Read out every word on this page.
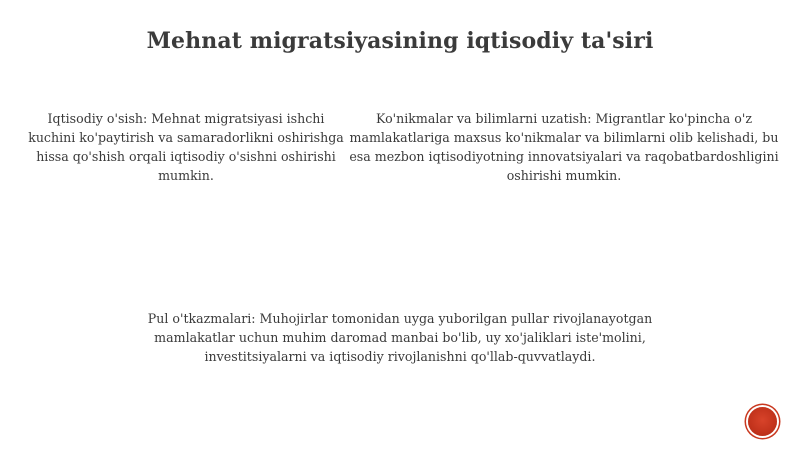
Mehnat migratsiyasining iqtisodiy ta'siri

Iqtisodiy o'sish: Mehnat migratsiyasi ishchi kuchini ko'paytirish va samaradorlikni oshirishga hissa qo'shish orqali iqtisodiy o'sishni oshirishi mumkin.

Ko'nikmalar va bilimlarni uzatish: Migrantlar ko'pincha o'z mamlakatlariga maxsus ko'nikmalar va bilimlarni olib kelishadi, bu esa mezbon iqtisodiyotning innovatsiyalari va raqobatbardoshligini oshirishi mumkin.

Pul o'tkazmalari: Muhojirlar tomonidan uyga yuborilgan pullar rivojlanayotgan mamlakatlar uchun muhim daromad manbai bo'lib, uy xo'jaliklari iste'molini, investitsiyalarni va iqtisodiy rivojlanishni qo'llab-quvvatlaydi.
